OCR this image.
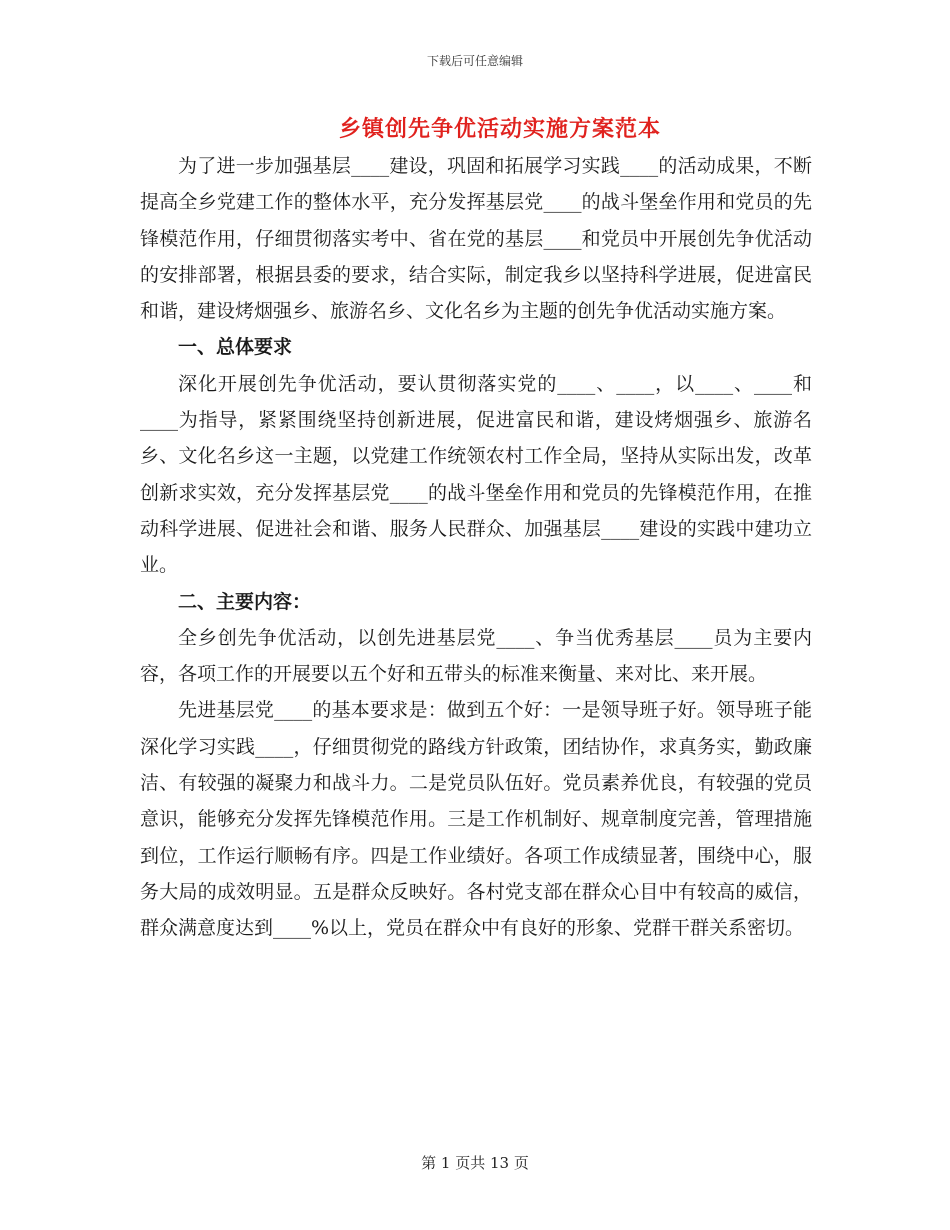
下载后可任意编辑
乡镇创先争优活动实施方案范本

为了进一步加强基层____建设，巩固和拓展学习实践____的活动成果，不断提高全乡党建工作的整体水平，充分发挥基层党____的战斗堡垒作用和党员的先锋模范作用，仔细贯彻落实考中、省在党的基层____和党员中开展创先争优活动的安排部署，根据县委的要求，结合实际，制定我乡以坚持科学进展，促进富民和谐，建设烤烟强乡、旅游名乡、文化名乡为主题的创先争优活动实施方案。

一、总体要求

深化开展创先争优活动，要认贯彻落实党的____、____，以____、____和____为指导，紧紧围绕坚持创新进展，促进富民和谐，建设烤烟强乡、旅游名乡、文化名乡这一主题，以党建工作统领农村工作全局，坚持从实际出发，改革创新求实效，充分发挥基层党____的战斗堡垒作用和党员的先锋模范作用，在推动科学进展、促进社会和谐、服务人民群众、加强基层____建设的实践中建功立业。

二、主要内容：

全乡创先争优活动，以创先进基层党____、争当优秀基层____员为主要内容，各项工作的开展要以五个好和五带头的标准来衡量、来对比、来开展。

先进基层党____的基本要求是：做到五个好：一是领导班子好。领导班子能深化学习实践____，仔细贯彻党的路线方针政策，团结协作，求真务实，勤政廉洁、有较强的凝聚力和战斗力。二是党员队伍好。党员素养优良，有较强的党员意识，能够充分发挥先锋模范作用。三是工作机制好、规章制度完善，管理措施到位，工作运行顺畅有序。四是工作业绩好。各项工作成绩显著，围绕中心，服务大局的成效明显。五是群众反映好。各村党支部在群众心目中有较高的威信，群众满意度达到____%以上，党员在群众中有良好的形象、党群干群关系密切。

第 1 页共 13 页
